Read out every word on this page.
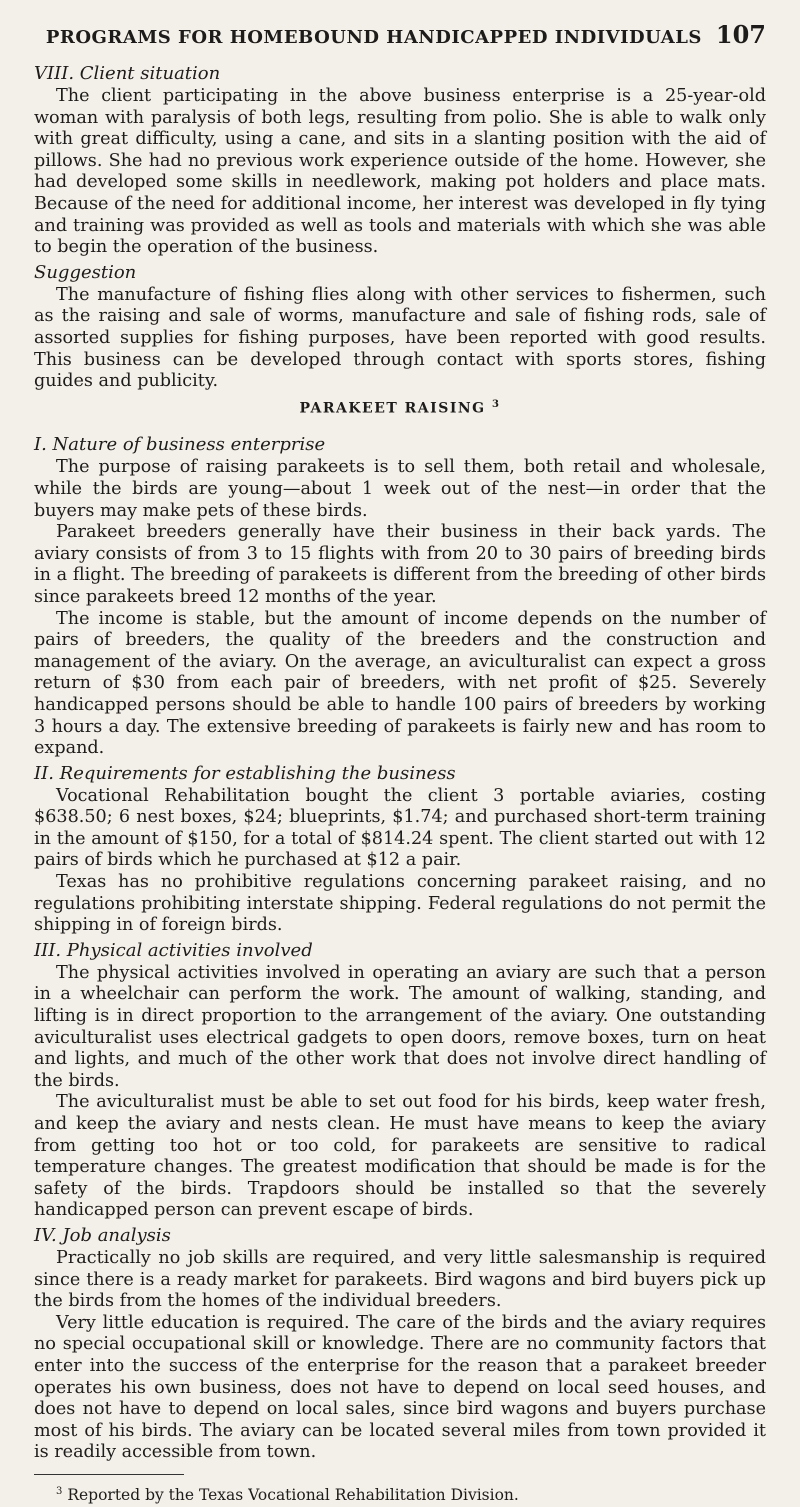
PROGRAMS FOR HOMEBOUND HANDICAPPED INDIVIDUALS 107
VIII. Client situation

The client participating in the above business enterprise is a 25-year-old woman with paralysis of both legs, resulting from polio. She is able to walk only with great difficulty, using a cane, and sits in a slanting position with the aid of pillows. She had no previous work experience outside of the home. However, she had developed some skills in needlework, making pot holders and place mats. Because of the need for additional income, her interest was developed in fly tying and training was provided as well as tools and materials with which she was able to begin the operation of the business.

Suggestion

The manufacture of fishing flies along with other services to fishermen, such as the raising and sale of worms, manufacture and sale of fishing rods, sale of assorted supplies for fishing purposes, have been reported with good results. This business can be developed through contact with sports stores, fishing guides and publicity.

PARAKEET RAISING $^3$
I. Nature of business enterprise

The purpose of raising parakeets is to sell them, both retail and wholesale, while the birds are young—about 1 week out of the nest—in order that the buyers may make pets of these birds.

Parakeet breeders generally have their business in their back yards. The aviary consists of from 3 to 15 flights with from 20 to 30 pairs of breeding birds in a flight. The breeding of parakeets is different from the breeding of other birds since parakeets breed 12 months of the year.

The income is stable, but the amount of income depends on the number of pairs of breeders, the quality of the breeders and the construction and management of the aviary. On the average, an aviculturalist can expect a gross return of $30 from each pair of breeders, with net profit of $25. Severely handicapped persons should be able to handle 100 pairs of breeders by working 3 hours a day. The extensive breeding of parakeets is fairly new and has room to expand.

II. Requirements for establishing the business

Vocational Rehabilitation bought the client 3 portable aviaries, costing $638.50; 6 nest boxes, $24; blueprints, $1.74; and purchased short-term training in the amount of $150, for a total of $814.24 spent. The client started out with 12 pairs of birds which he purchased at $12 a pair.

Texas has no prohibitive regulations concerning parakeet raising, and no regulations prohibiting interstate shipping. Federal regulations do not permit the shipping in of foreign birds.

III. Physical activities involved

The physical activities involved in operating an aviary are such that a person in a wheelchair can perform the work. The amount of walking, standing, and lifting is in direct proportion to the arrangement of the aviary. One outstanding aviculturalist uses electrical gadgets to open doors, remove boxes, turn on heat and lights, and much of the other work that does not involve direct handling of the birds.

The aviculturalist must be able to set out food for his birds, keep water fresh, and keep the aviary and nests clean. He must have means to keep the aviary from getting too hot or too cold, for parakeets are sensitive to radical temperature changes. The greatest modification that should be made is for the safety of the birds. Trapdoors should be installed so that the severely handicapped person can prevent escape of birds.

IV. Job analysis

Practically no job skills are required, and very little salesmanship is required since there is a ready market for parakeets. Bird wagons and bird buyers pick up the birds from the homes of the individual breeders.

Very little education is required. The care of the birds and the aviary requires no special occupational skill or knowledge. There are no community factors that enter into the success of the enterprise for the reason that a parakeet breeder operates his own business, does not have to depend on local seed houses, and does not have to depend on local sales, since bird wagons and buyers purchase most of his birds. The aviary can be located several miles from town provided it is readily accessible from town.

$^3$ Reported by the Texas Vocational Rehabilitation Division.
